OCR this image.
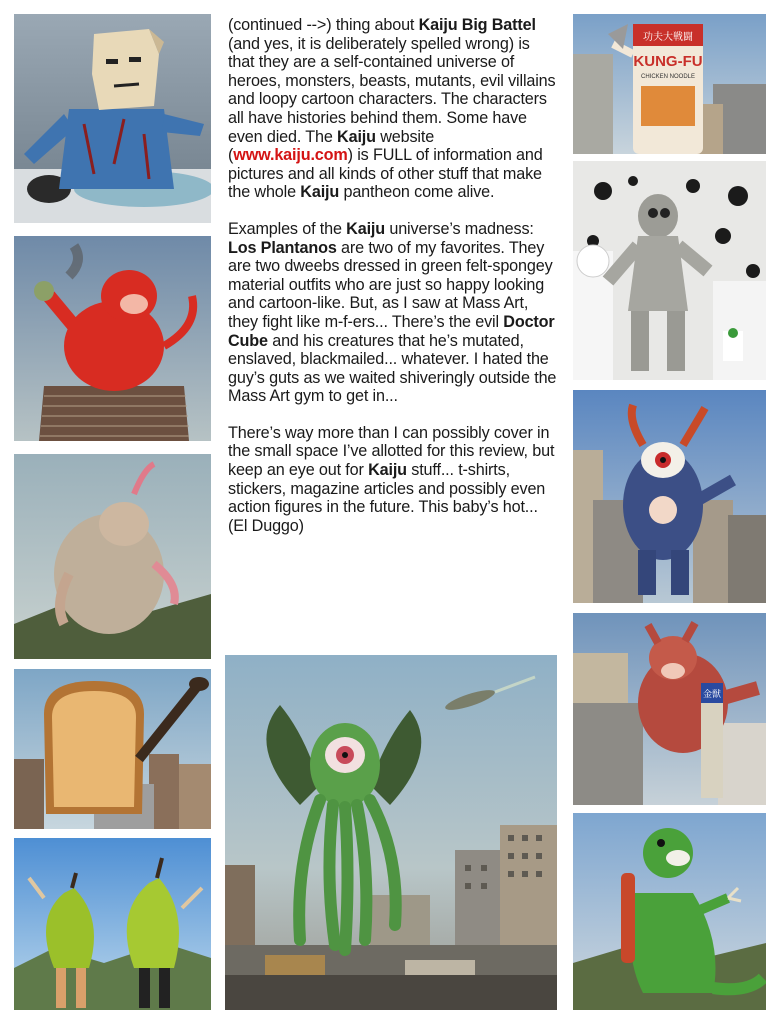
功夫大戦闘
KUNG-FU
CHICKEN NOODLE
金獣

(continued -->) thing about Kaiju Big Battel (and yes, it is deliberately spelled wrong) is that they are a self-contained universe of heroes, monsters, beasts, mutants, evil villains and loopy cartoon characters. The characters all have histories behind them. Some have even died. The Kaiju website (www.kaiju.com) is FULL of information and pictures and all kinds of other stuff that make the whole Kaiju pantheon come alive.

Examples of the Kaiju universe’s madness: Los Plantanos are two of my favorites. They are two dweebs dressed in green felt-spongey material outfits who are just so happy looking and cartoon-like. But, as I saw at Mass Art, they fight like m-f-ers... There’s the evil Doctor Cube and his creatures that he’s mutated, enslaved, blackmailed... whatever. I hated the guy’s guts as we waited shiveringly outside the Mass Art gym to get in...

There’s way more than I can possibly cover in the small space I’ve allotted for this review, but keep an eye out for Kaiju stuff... t-shirts, stickers, magazine articles and possibly even action figures in the future. This baby’s hot... (El Duggo)
